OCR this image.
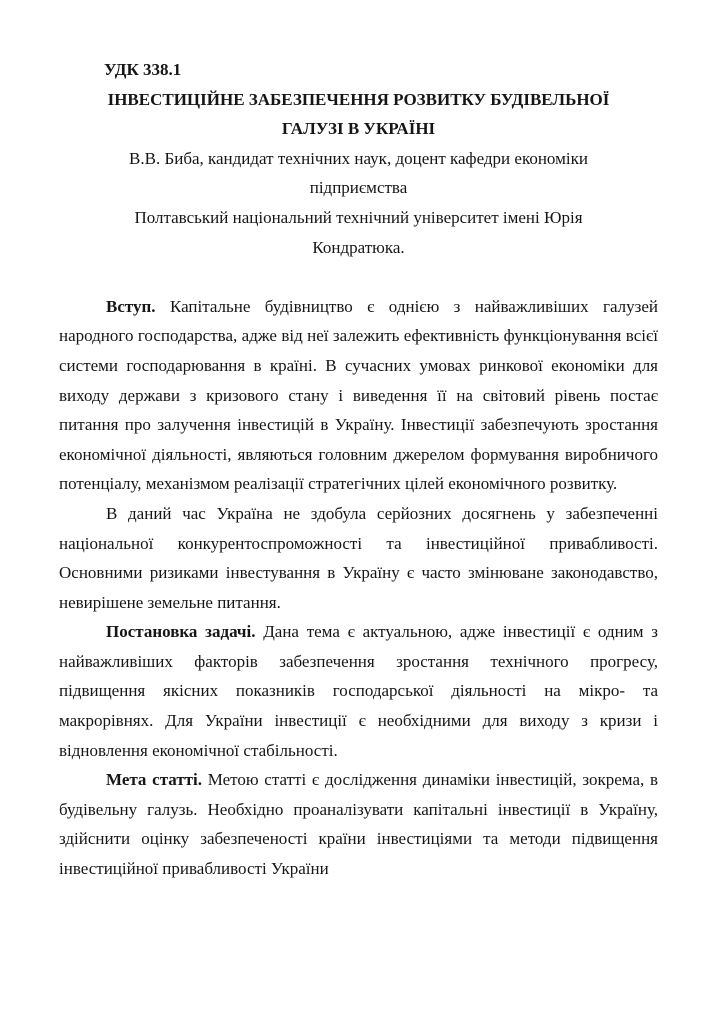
УДК 338.1

ІНВЕСТИЦІЙНЕ ЗАБЕЗПЕЧЕННЯ РОЗВИТКУ БУДІВЕЛЬНОЇ
ГАЛУЗІ В УКРАЇНІ

В.В. Биба, кандидат технічних наук, доцент кафедри економіки
підприємства

Полтавський національний технічний університет імені Юрія
Кондратюка.

Вступ. Капітальне будівництво є однією з найважливіших галузей народного господарства, адже від неї залежить ефективність функціонування всієї системи господарювання в країні. В сучасних умовах ринкової економіки для виходу держави з кризового стану і виведення її на світовий рівень постає питання про залучення інвестицій в Україну. Інвестиції забезпечують зростання економічної діяльності, являються головним джерелом формування виробничого потенціалу, механізмом реалізації стратегічних цілей економічного розвитку.

В даний час Україна не здобула серйозних досягнень у забезпеченні національної конкурентоспроможності та інвестиційної привабливості. Основними ризиками інвестування в Україну є часто змінюване законодавство, невирішене земельне питання.

Постановка задачі. Дана тема є актуальною, адже інвестиції є одним з найважливіших факторів забезпечення зростання технічного прогресу, підвищення якісних показників господарської діяльності на мікро- та макрорівнях. Для України інвестиції є необхідними для виходу з кризи і відновлення економічної стабільності.

Мета статті. Метою статті є дослідження динаміки інвестицій, зокрема, в будівельну галузь. Необхідно проаналізувати капітальні інвестиції в Україну, здійснити оцінку забезпеченості країни інвестиціями та методи підвищення інвестиційної привабливості України
